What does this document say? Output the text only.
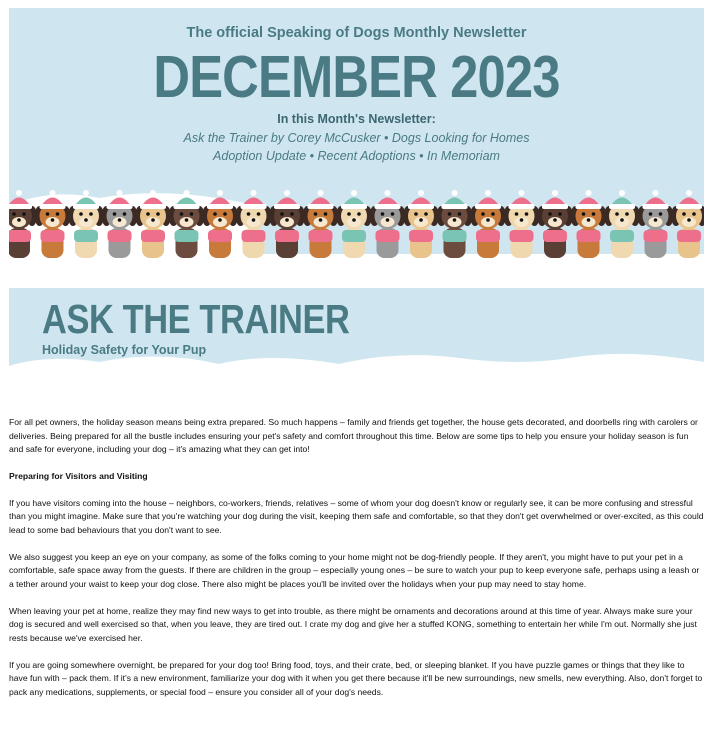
The official Speaking of Dogs Monthly Newsletter
DECEMBER 2023
In this Month's Newsletter:
Ask the Trainer by Corey McCusker • Dogs Looking for Homes
Adoption Update • Recent Adoptions • In Memoriam
ASK THE TRAINER
Holiday Safety for Your Pup

For all pet owners, the holiday season means being extra prepared. So much happens – family and friends get together, the house gets decorated, and doorbells ring with carolers or deliveries. Being prepared for all the bustle includes ensuring your pet's safety and comfort throughout this time. Below are some tips to help you ensure your holiday season is fun and safe for everyone, including your dog – it's amazing what they can get into!

Preparing for Visitors and Visiting

If you have visitors coming into the house – neighbors, co-workers, friends, relatives – some of whom your dog doesn't know or regularly see, it can be more confusing and stressful than you might imagine. Make sure that you're watching your dog during the visit, keeping them safe and comfortable, so that they don't get overwhelmed or over-excited, as this could lead to some bad behaviours that you don't want to see.

We also suggest you keep an eye on your company, as some of the folks coming to your home might not be dog-friendly people. If they aren't, you might have to put your pet in a comfortable, safe space away from the guests. If there are children in the group – especially young ones – be sure to watch your pup to keep everyone safe, perhaps using a leash or a tether around your waist to keep your dog close. There also might be places you'll be invited over the holidays when your pup may need to stay home.

When leaving your pet at home, realize they may find new ways to get into trouble, as there might be ornaments and decorations around at this time of year. Always make sure your dog is secured and well exercised so that, when you leave, they are tired out. I crate my dog and give her a stuffed KONG, something to entertain her while I'm out. Normally she just rests because we've exercised her.

If you are going somewhere overnight, be prepared for your dog too! Bring food, toys, and their crate, bed, or sleeping blanket. If you have puzzle games or things that they like to have fun with – pack them. If it's a new environment, familiarize your dog with it when you get there because it'll be new surroundings, new smells, new everything. Also, don't forget to pack any medications, supplements, or special food – ensure you consider all of your dog's needs.
